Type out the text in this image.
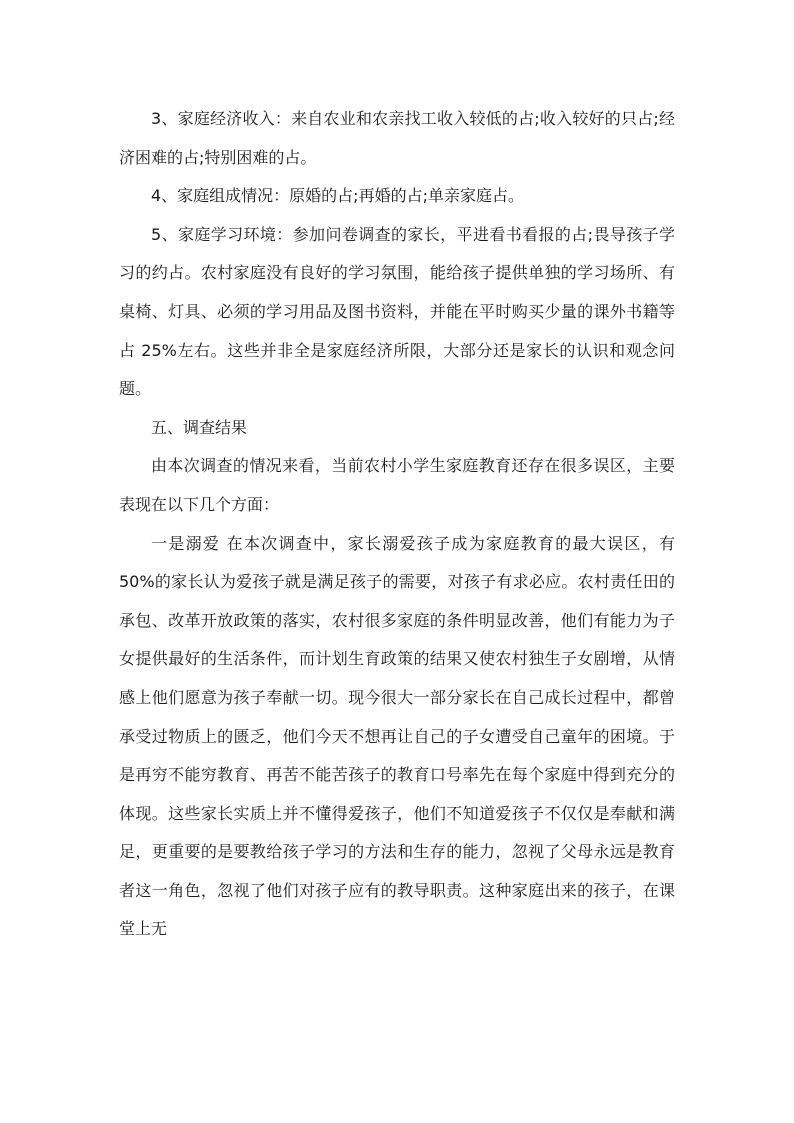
3、家庭经济收入：来自农业和农亲找工收入较低的占;收入较好的只占;经济困难的占;特别困难的占。

4、家庭组成情况：原婚的占;再婚的占;单亲家庭占。

5、家庭学习环境：参加问卷调查的家长，平进看书看报的占;畏导孩子学习的约占。农村家庭没有良好的学习氛围，能给孩子提供单独的学习场所、有桌椅、灯具、必须的学习用品及图书资料，并能在平时购买少量的课外书籍等占 25%左右。这些并非全是家庭经济所限，大部分还是家长的认识和观念问题。

五、调查结果

由本次调查的情况来看，当前农村小学生家庭教育还存在很多误区，主要表现在以下几个方面：

一是溺爱 在本次调查中，家长溺爱孩子成为家庭教育的最大误区，有 50%的家长认为爱孩子就是满足孩子的需要，对孩子有求必应。农村责任田的承包、改革开放政策的落实，农村很多家庭的条件明显改善，他们有能力为子女提供最好的生活条件，而计划生育政策的结果又使农村独生子女剧增，从情感上他们愿意为孩子奉献一切。现今很大一部分家长在自己成长过程中，都曾承受过物质上的匮乏，他们今天不想再让自己的子女遭受自己童年的困境。于是再穷不能穷教育、再苦不能苦孩子的教育口号率先在每个家庭中得到充分的体现。这些家长实质上并不懂得爱孩子，他们不知道爱孩子不仅仅是奉献和满足，更重要的是要教给孩子学习的方法和生存的能力，忽视了父母永远是教育者这一角色，忽视了他们对孩子应有的教导职责。这种家庭出来的孩子，在课堂上无
